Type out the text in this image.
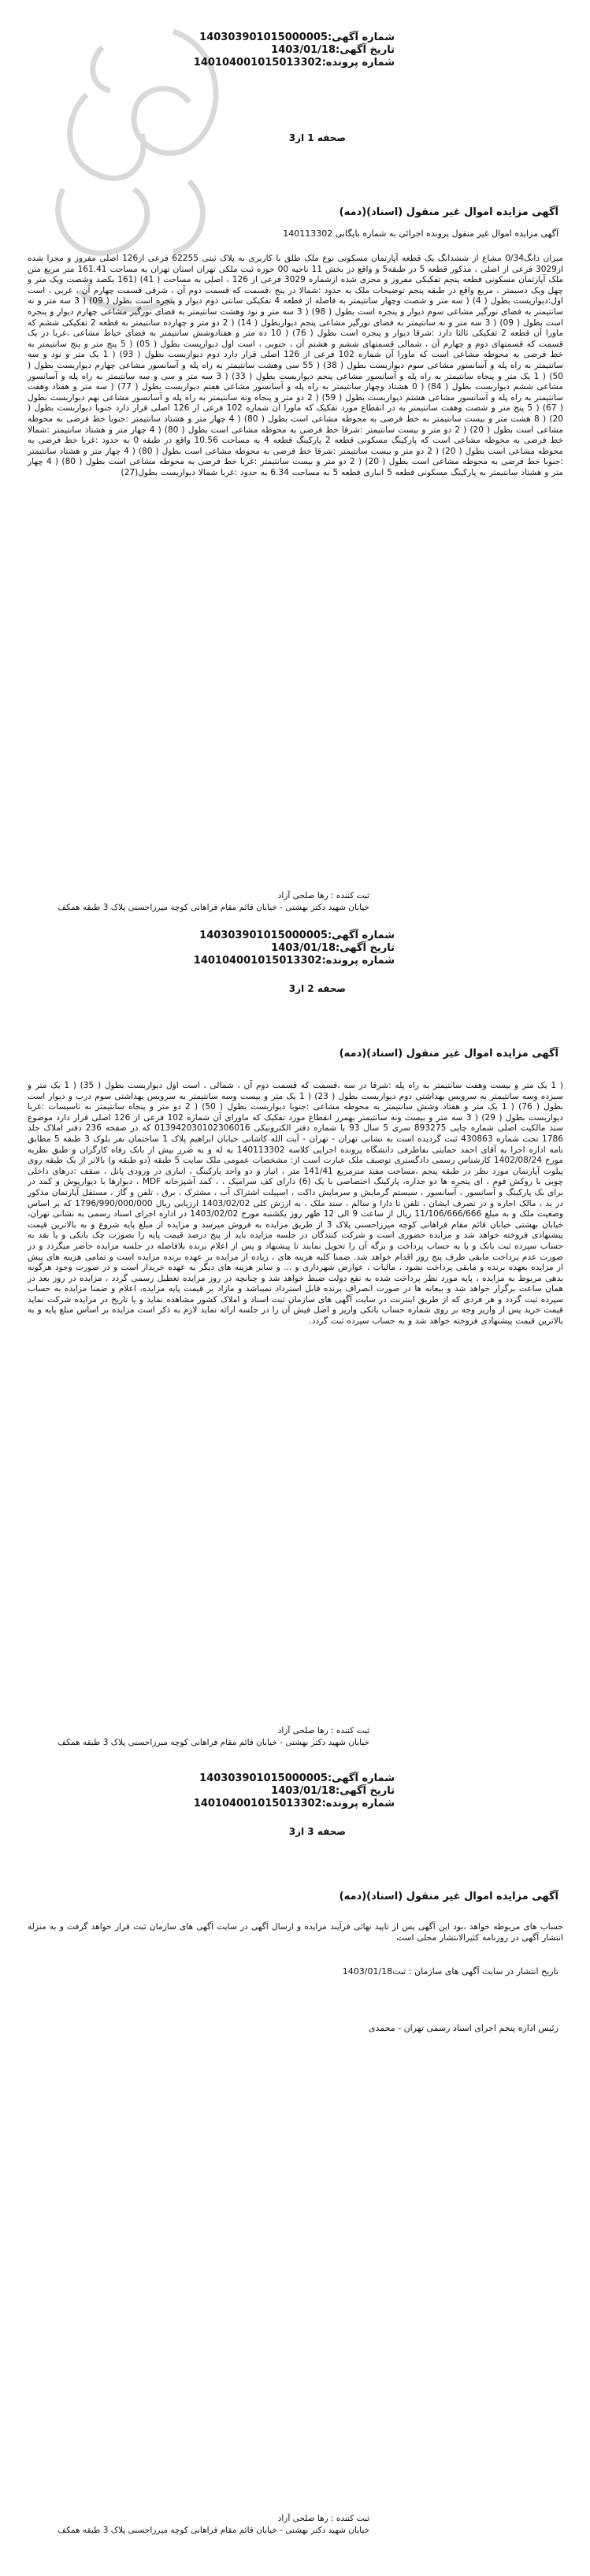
شماره آگهی:140303901015000005
تاریخ آگهی:1403/01/18
شماره پرونده:140104001015013302
صحفه 1 از3
آگهی مزایده اموال غیر منقول (اسناد)(دمه)
آگهی مزایده اموال غیر منقول پرونده اجرائی به شماره بایگانی 140113302
میزان ذانگ0/34 مشاع از ششدانگ یک قطعه آپارتمان مسکونی نوع ملک طلق با کاربری به پلاک ثبتی 62255 فرعی از126 اصلی مفروز و مجزا شده از3029 فرعی از اصلی ، مذکور قطعه 5 در طبقه5 و واقع در بخش 11 ناحیه 00 حوزه ثبت ملکی تهران استان تهران به مساحت 161.41 متر مربع متن ملک آپارتمان مسکونی قطعه پنجم تفکیکی مفروز و مجزی شده ازشماره 3029 فرعی از 126 ، اصلی به مساحت ( 41) (161 یکصد وشصت ویک متر و چهل ویک دسیمتر ، مربع واقع در طبقه پنجم توضیحات ملک به حدود :شمالا در پنج ،قسمت که قسمت دوم آن ، شرقی قسمت چهارم آن ، غربی ، است اول:دیوارپست بطول ( 4) ( سه متر و شصت وچهار سانتیمتر به فاصله از قطعه 4 تفکیکی سانتی دوم دیوار و پنجره است بطول ( 09) ( 3 سه متر و نه سانتیمتر به فضای نورگیر مشاعی سوم دیوار و پنجره است بطول ( 98) ( 3 سه متر و نود وهشت سانتیمتر به فضای نورگیر مشاعی چهارم دیوار و پنجره است بطول ( 09) ( 3 سه متر و نه سانتیمتر به فضای نورگیر مشاعی پنجم دیواربطول ( 14) ( 2 دو متر و چهارده سانتیمتر به قطعه 2 تفکیکی ششم که ماورا آن قطعه 2 تفکیکی ثالثا دارد :شرقا دیوار و پنجره است بطول ( 76) ( 10 ده متر و هفتادوشش سانتیمتر به فضای حیاط مشاعی ،غربا در یک قسمت که قسمتهای دوم و چهارم آن ، شمالی قسمتهای ششم و هشتم آن ، جنوبی ، است اول دیوارپست بطول ( 05) ( 5 پنج متر و پنج سانتیمتر به خط فرضی به محوطه مشاعی است که ماورا آن شماره 102 فرعی از 126 اصلی قرار دارد دوم دیواربست بطول ( 93) ( 1 یک متر و نود و سه سانتیمتر به راه پله و آسانسور مشاعی سوم دیواربست بطول ( 38) ( 55 سی وهشت سانتیمتر به راه پله و آسانسور مشاعی چهارم دیواربست بطول ( 50) ( 1 یک متر و پنجاه سانتیمتر به راه پله و آسانسور مشاعی پنجم دیواربست بطول ( 33) ( 3 سه متر و سی و سه سانتیمتر به راه پله و آسانسور مشاعی ششم دیواربست بطول ( 84) ( 0 هشتاد وچهار سانتیمتر به راه پله و آسانسور مشاعی هفتم دیواربست بطول ( 77) ( سه متر و هفتاد وهفت سانتیمتر به راه پله و آسانسور مشاعی هشتم دیواربست بطول ( 59) ( 2 دو متر و پنجاه ونه سانتیمتر به راه پله و آسانسور مشاعی نهم دیواربست بطول ( 67) ( 5 پنج متر و شصت وهفت سانتیمتر به در انقطاع مورد تفکیک که ماورا آن شماره 102 فرعی از 126 اصلی قرار دارد جنوبا دیواربست بطول ( 20) ( 8 هشت متر و بیست سانتیمتر به خط فرضی به محوطه مشاعی است بطول ( 80) ( 4 چهار متر و هشتاد سانتیمتر :جنوبا خط فرضی به محوطه مشاعی است بطول ( 20) ( 2 دو متر و بیست سانتیمتر :شرقا خط فرضی به محوطه مشاعی است بطول ( 80) ( 4 چهار متر و هشتاد سانتیمتر :شمالا خط فرضی به محوطه مشاعی است که پارکینگ مسکونی قطعه 2 پارکینگ قطعه 4 به مساحت 10.56 واقع در طبقه 0 به حدود :غربا خط فرضی به محوطه مشاعی است بطول ( 20) ( 2 دو متر و بیست سانتیمتر :شرقا خط فرضی به محوطه مشاعی است بطول ( 80) ( 4 چهار متر و هشتاد سانتیمتر :جنوبا خط فرضی به محوطه مشاعی است بطول ( 20) ( 2 دو متر و بیست سانتیمتر :غربا خط فرضی به محوطه مشاعی است بطول ( 80) ( 4 چهار متر و هشتاد سانتیمتر به پارکینگ مسکونی قطعه 5 انباری قطعه 5 به مساحت 6.34 به حدود :غربا شمالا دیواربست بطول(27)
ثبت کننده : رها صلحی آزاد
خیابان شهید دکتر بهشتی - خیابان قائم مقام فراهانی کوچه میرزاحسنی پلاک 3 طبقه همکف
شماره آگهی:140303901015000005
تاریخ آگهی:1403/01/18
شماره پرونده:140104001015013302
صحفه 2 از3
آگهی مزایده اموال غیر منقول (اسناد)(دمه)
( 1 یک متر و بیست وهفت سانتیمتر به راه پله :شرقا در سه ،قسمت که قسمت دوم آن ، شمالی ، است اول دیواربست بطول ( 35) ( 1 یک متر و سیزده وسه سانتیمتر به سرویس بهداشتی دوم دیواربست بطول ( 23) ( 1 یک متر و بیست وسه سانتیمتر به سرویس بهداشتی سوم درب و دیوار است بطول ( 76) ( 1 یک متر و هفتاد وشش سانتیمتر به محوطه مشاعی :جنوبا دیواربست بطول ( 50) ( 2 دو متر و پنجاه سانتیمتر به تاسیسات :غربا دیواربست بطول ( 29) ( 3 سه متر و بیست ونه سانتیمتر بهمرز انقطاع مورد تفکیک که ماورای آن شماره 102 فرعی از 126 اصلی قرار دارد موضوع سند مالکیت اصلی شماره چاپی 893275 سری 5 سال 93 با شماره دفتر الکترونیکی 013942030102306016 که در صفحه 236 دفتر املاک جلد 1786 تحت شماره 430863 ثبت گردیده است به نشانی تهران - تهران - آیت الله کاشانی خیابان ابراهیم پلاک 1 ساختمان نفر بلوک 3 طبقه 5 مطابق نامه اداره اجرا به آقای احمد حمایتی بفاطرفی دانشگاه پرونده اجرایی کلاسه 140113302 به له و به ضرر بیش از بانک رفاه کارگران و طبق نظریه مورخ 1402/08/24 کارشناس رسمی دادگستری توصیف ملک عبارت است از: مشخصات عمومی ملک سایت 5 طبقه (دو طبقه و) بالاتر از یک طبقه روی پیلوت آپارتمان مورد نظر در طبقه پنجم ،مساحت مفید مترمربع 141/41 متر ، انبار و دو واحد پارکینگ ، انباری در ورودی پانل ، سقف :درهای داخلی چوبی با روکش فوم ، ای پنجره ها دو جداره، پارکینگ اختصاصی با یک (6) دارای کف سرامیک ، ، کمد آشپزخانه MDF ، دیوارها با دیوارپوش و کمد در برای بک پارکینگ و آسانسور ، آسانسور ، سیستم گرمایش و سرمایش داکت ، اسپیلت اشتراک آب ، مشترک ، برق ، تلفن و گاز ، مستقل آپارتمان مذکور در ید ، مالک اجاره و در تصرف ایشان ، تلفن تا دارا و سالم ، سند ملک ، به ارزش کلی 1403/02/02 ارزیابی ریال 1796/990/000/000 که بر اساس وضعیت ملک و به مبلغ 11/106/666/666 ریال از ساعت 9 الی 12 ظهر روز یکشنبه مورخ 1403/02/02 در اداره اجرای اسناد رسمی به نشانی تهران، خیابان بهشتی خیابان قائم مقام فراهانی کوچه میرزاحسنی پلاک 3 از طریق مزایده به فروش میرسد و مزایده از مبلغ پایه شروع و به بالاترین قیمت پیشنهادی فروخته خواهد شد و مزایده حضوری است و شرکت کنندگان در جلسه مزایده باید از پنج درصد قیمت پایه را بصورت چک بانکی و یا نقد به حساب سپرده ثبت بانک و یا به حساب پرداخت و برگه آن را تحویل نمایند تا پیشنهاد و پس از اعلام برنده بلافاصله در جلسه مزایده حاضر میگردد و در صورت عدم پرداخت مابقی ظرف پنج روز اقدام خواهد شد. ضمنا کلیه هزینه های ، زیاده از مزایده بر عهده برنده مزایده است و تمامی هزینه های پیش از مزایده بعهده برنده و مابقی پرداخت نشود ، مالیات ، عوارض شهرداری و ... و سایر هزینه های دیگر به عهده خریدار است و در صورت وجود هرگونه بدهی مربوط به مزایده ، پایه مورد نظر پرداخت شده به نفع دولت ضبط خواهد شد و چنانچه در روز مزایده تعطیل رسمی گردد ، مزایده در روز بعد در همان ساعت برگزار خواهد شد و بیعانه ها در صورت انصراف برنده قابل استرداد نمیباشد و مازاد بر قیمت پایه مزایده، اعلام و ضمنا مزایده به حساب سپرده ثبت گردد و هر فردی که از طریق اینترنت در سایت آگهی های سازمان ثبت اسناد و املاک کشور مشاهده نماید و یا تاریخ در مزایده شرکت نماید قیمت خرید پس از واریز وجه بر روی شماره حساب بانکی واریز و اصل فیش آن را در جلسه ارائه نماید لازم به ذکر است مزایده بر اساس مبلغ پایه و به بالاترین قیمت پیشنهادی فروخته خواهد شد و به حساب سپرده ثبت گردد.
ثبت کننده : رها صلحی آزاد
خیابان شهید دکتر بهشتی - خیابان قائم مقام فراهانی کوچه میرزاحسنی پلاک 3 طبقه همکف
شماره آگهی:140303901015000005
تاریخ آگهی:1403/01/18
شماره پرونده:140104001015013302
صحفه 3 از3
آگهی مزایده اموال غیر منقول (اسناد)(دمه)
حساب های مربوطه خواهد ،بود این آگهی پس از تایید نهائی فرآیند مزایده و ارسال آگهی در سایت آگهی های سازمان ثبت قرار خواهد گرفت و به منزله انتشار آگهی در روزنامه کثیرالانتشار محلی است
تاریخ انتشار در سایت آگهی های سازمان : ثبت1403/01/18
رئیس اداره پنجم اجرای اسناد رسمی تهران - محمدی
ثبت کننده : رها صلحی آزاد
خیابان شهید دکتر بهشتی - خیابان قائم مقام فراهانی کوچه میرزاحسنی پلاک 3 طبقه همکف
